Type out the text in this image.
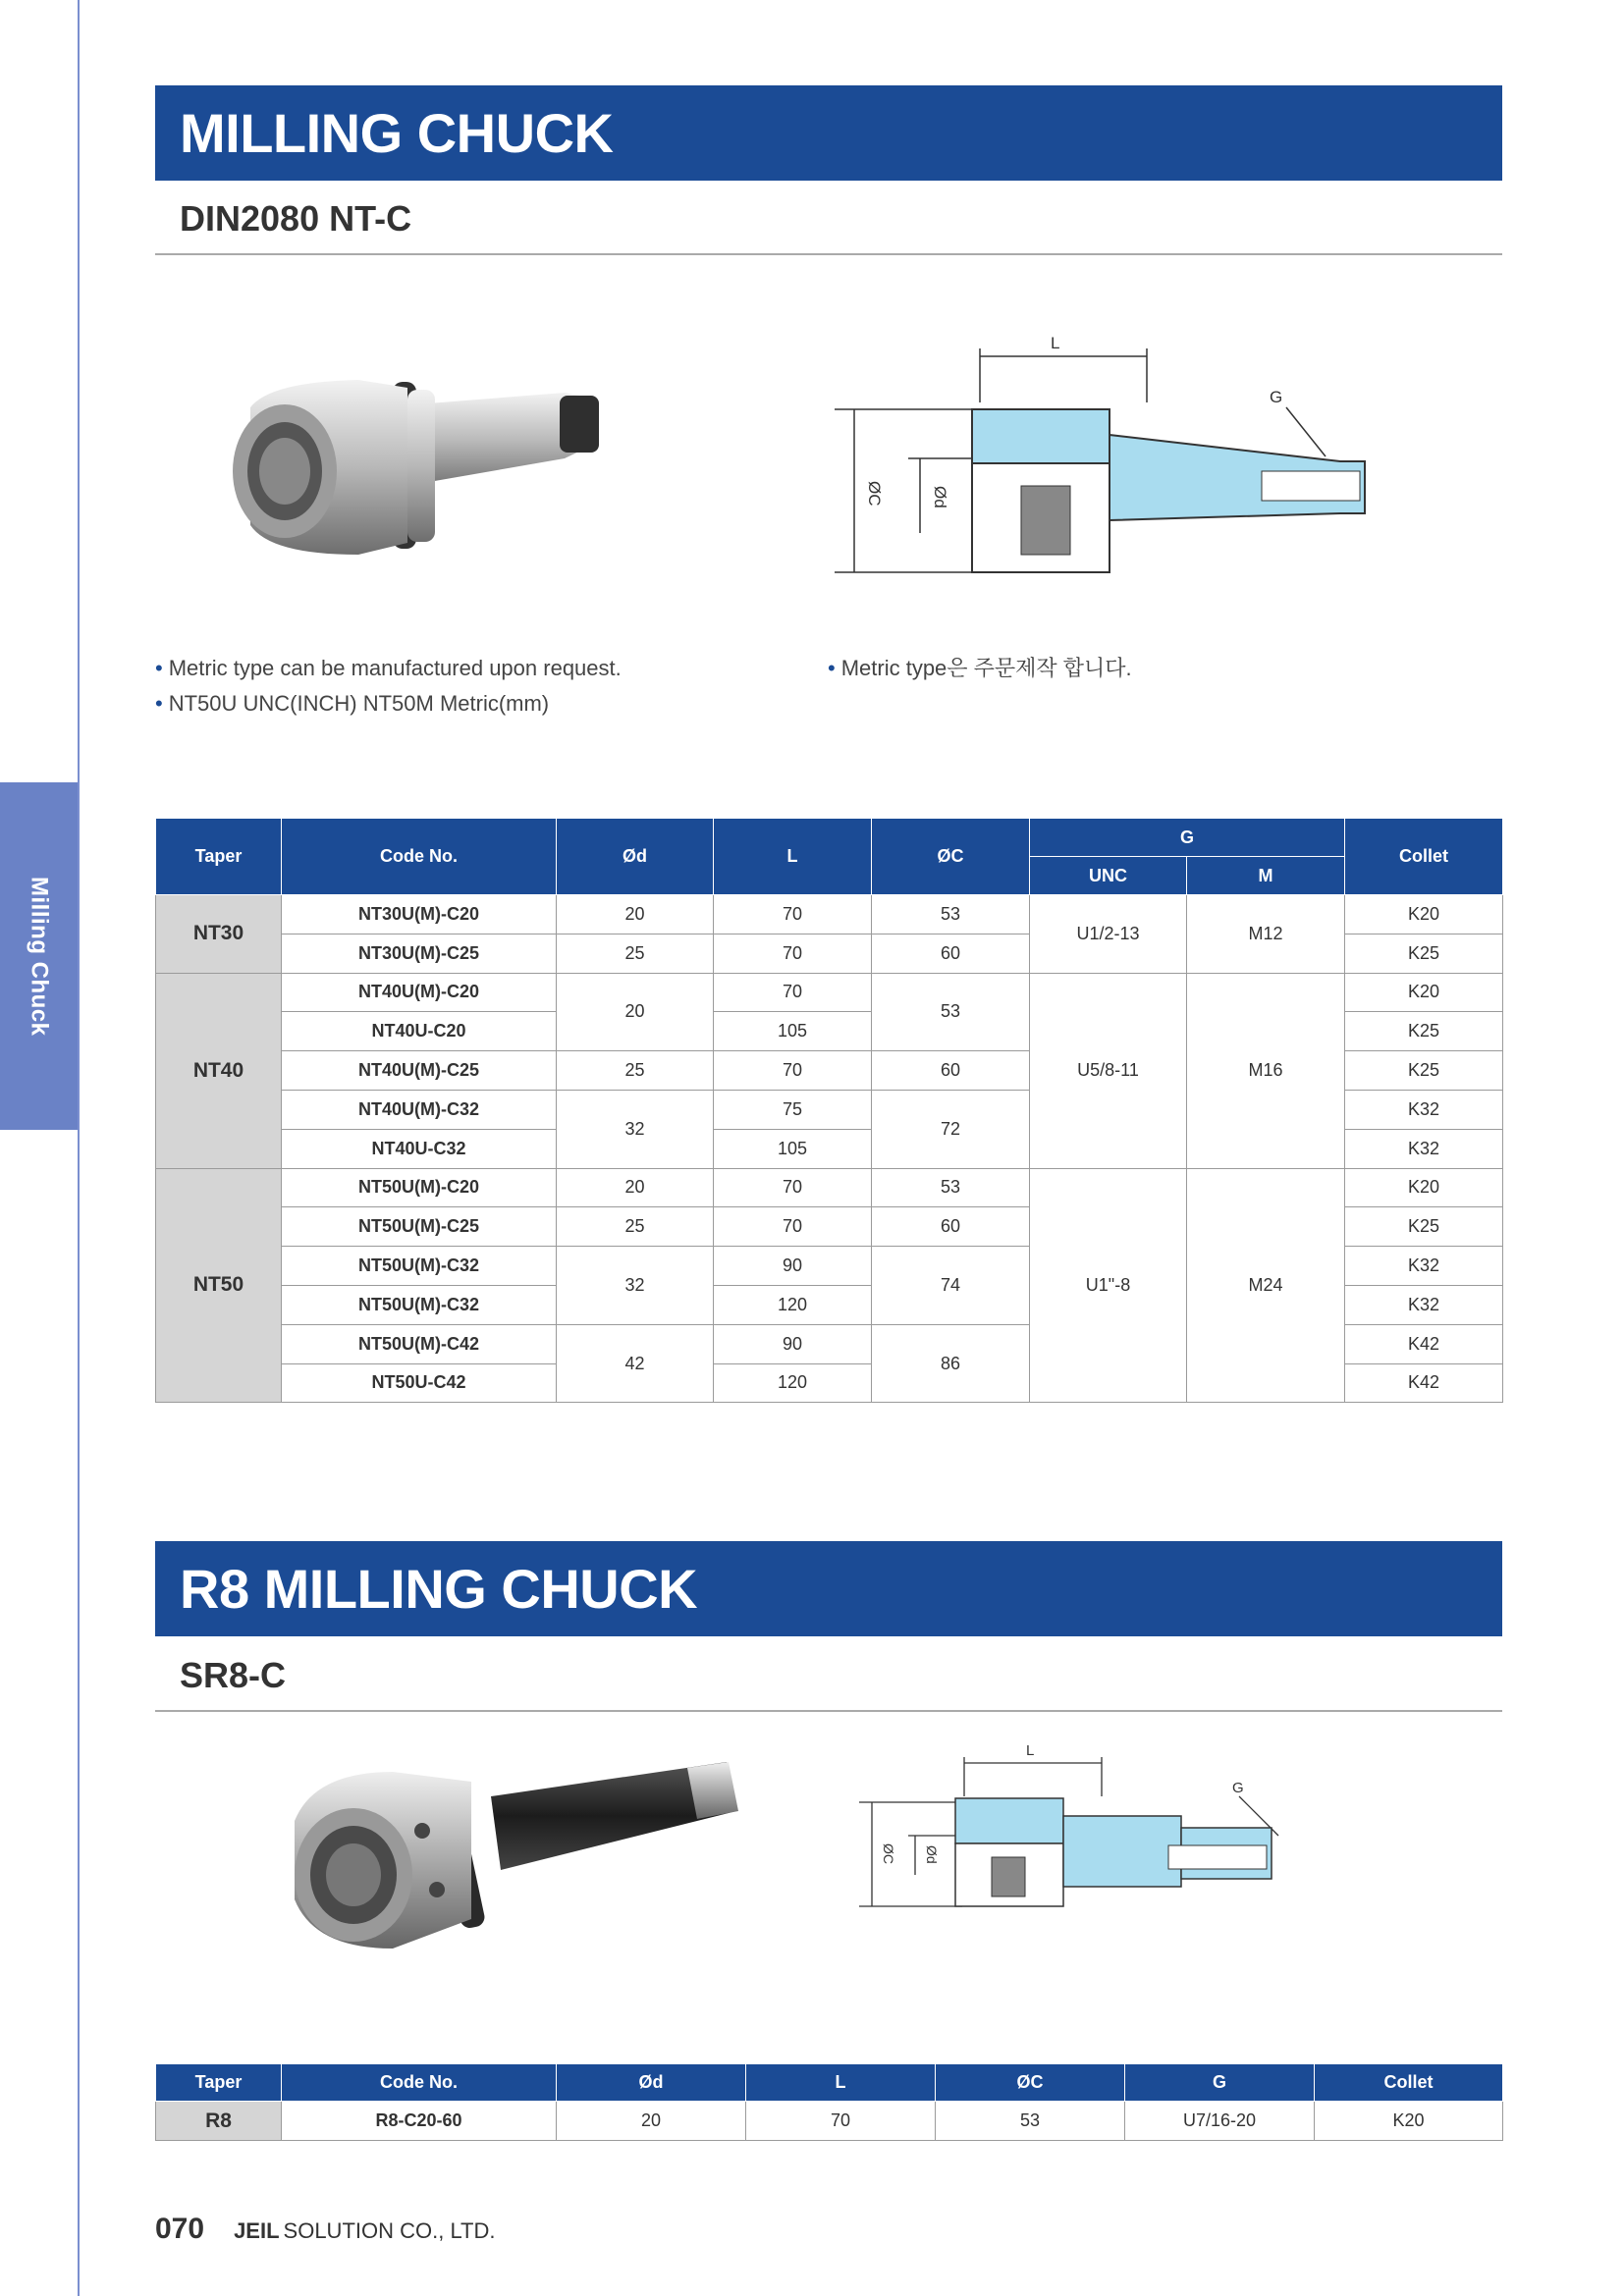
Milling Chuck
MILLING CHUCK
DIN2080 NT-C
L
G
ØC	Ød
• Metric type can be manufactured upon request.
• NT50U UNC(INCH) NT50M Metric(mm)
• Metric type은 주문제작 합니다.
Taper	Code No.	Ød	L	ØC	G		Collet
					UNC	M	
NT30	NT30U(M)-C20	20	70	53	U1/2-13	M12	K20
	NT30U(M)-C25	25	70	60			K25
NT40	NT40U(M)-C20	20	70	53	U5/8-11	M16	K20
	NT40U-C20		105				K25
	NT40U(M)-C25	25	70	60			K25
	NT40U(M)-C32	32	75	72			K32
	NT40U-C32		105				K32
NT50	NT50U(M)-C20	20	70	53	U1"-8	M24	K20
	NT50U(M)-C25	25	70	60			K25
	NT50U(M)-C32	32	90	74			K32
	NT50U(M)-C32		120				K32
	NT50U(M)-C42	42	90	86			K42
	NT50U-C42		120				K42
R8 MILLING CHUCK
SR8-C
L
G
ØC Ød
Taper	Code No.	Ød	L	ØC	G	Collet
R8	R8-C20-60	20	70	53	U7/16-20	K20
070 JEIL SOLUTION CO., LTD.
